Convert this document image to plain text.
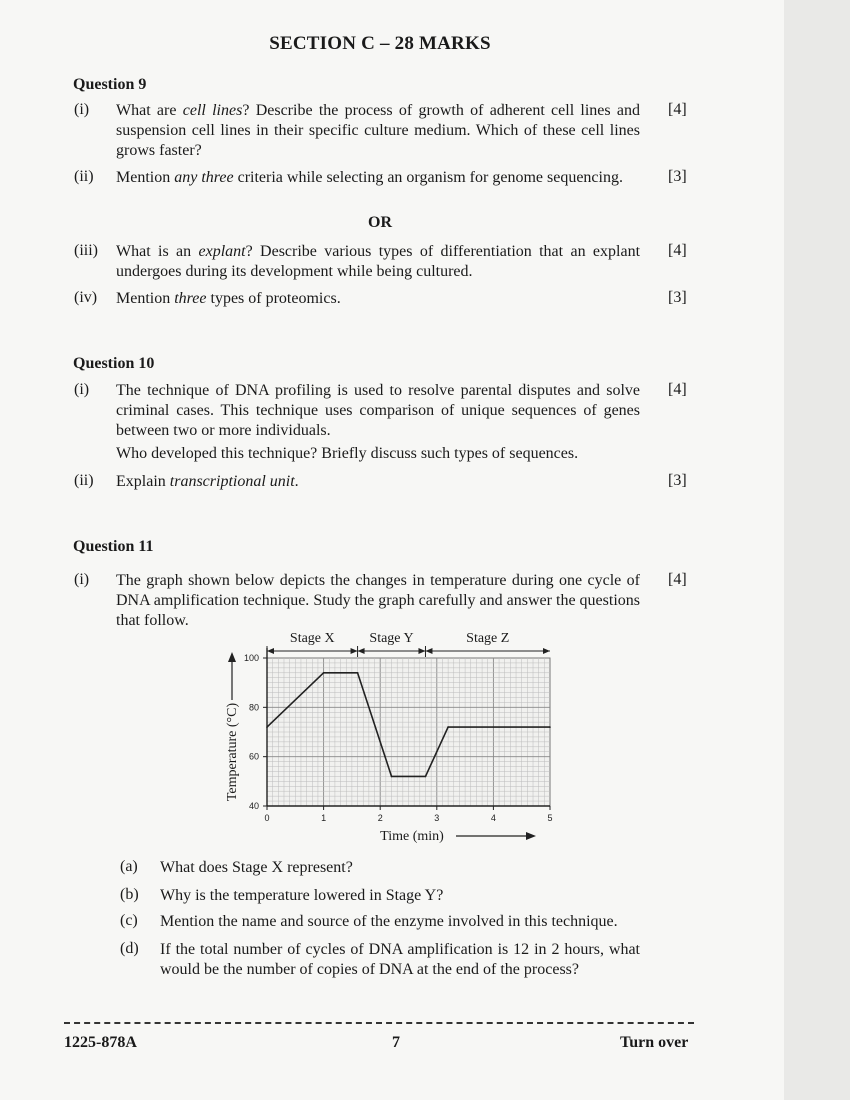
SECTION C – 28 MARKS
Question 9
(i) What are cell lines? Describe the process of growth of adherent cell lines and suspension cell lines in their specific culture medium. Which of these cell lines grows faster?
[4]
(ii) Mention any three criteria while selecting an organism for genome sequencing.	[3]
OR
(iii) What is an explant? Describe various types of differentiation that an explant undergoes during its development while being cultured.
[4]
(iv) Mention three types of proteomics.	[3]
Question 10
(i) The technique of DNA profiling is used to resolve parental disputes and solve criminal cases. This technique uses comparison of unique sequences of genes between two or more individuals.
Who developed this technique? Briefly discuss such types of sequences.
[4]
(ii) Explain transcriptional unit.	[3]
Question 11
(i) The graph shown below depicts the changes in temperature during one cycle of DNA amplification technique. Study the graph carefully and answer the questions that follow.
[4]
Stage X Stage Y	Stage Z
40
60
80
100
0	1	2	3	4	5
Time (min)
Temperature (°C)
(a) What does Stage X represent?
(b) Why is the temperature lowered in Stage Y?
(c) Mention the name and source of the enzyme involved in this technique.
(d) If the total number of cycles of DNA amplification is 12 in 2 hours, what would be the number of copies of DNA at the end of the process?
1225-878A	7	Turn over
